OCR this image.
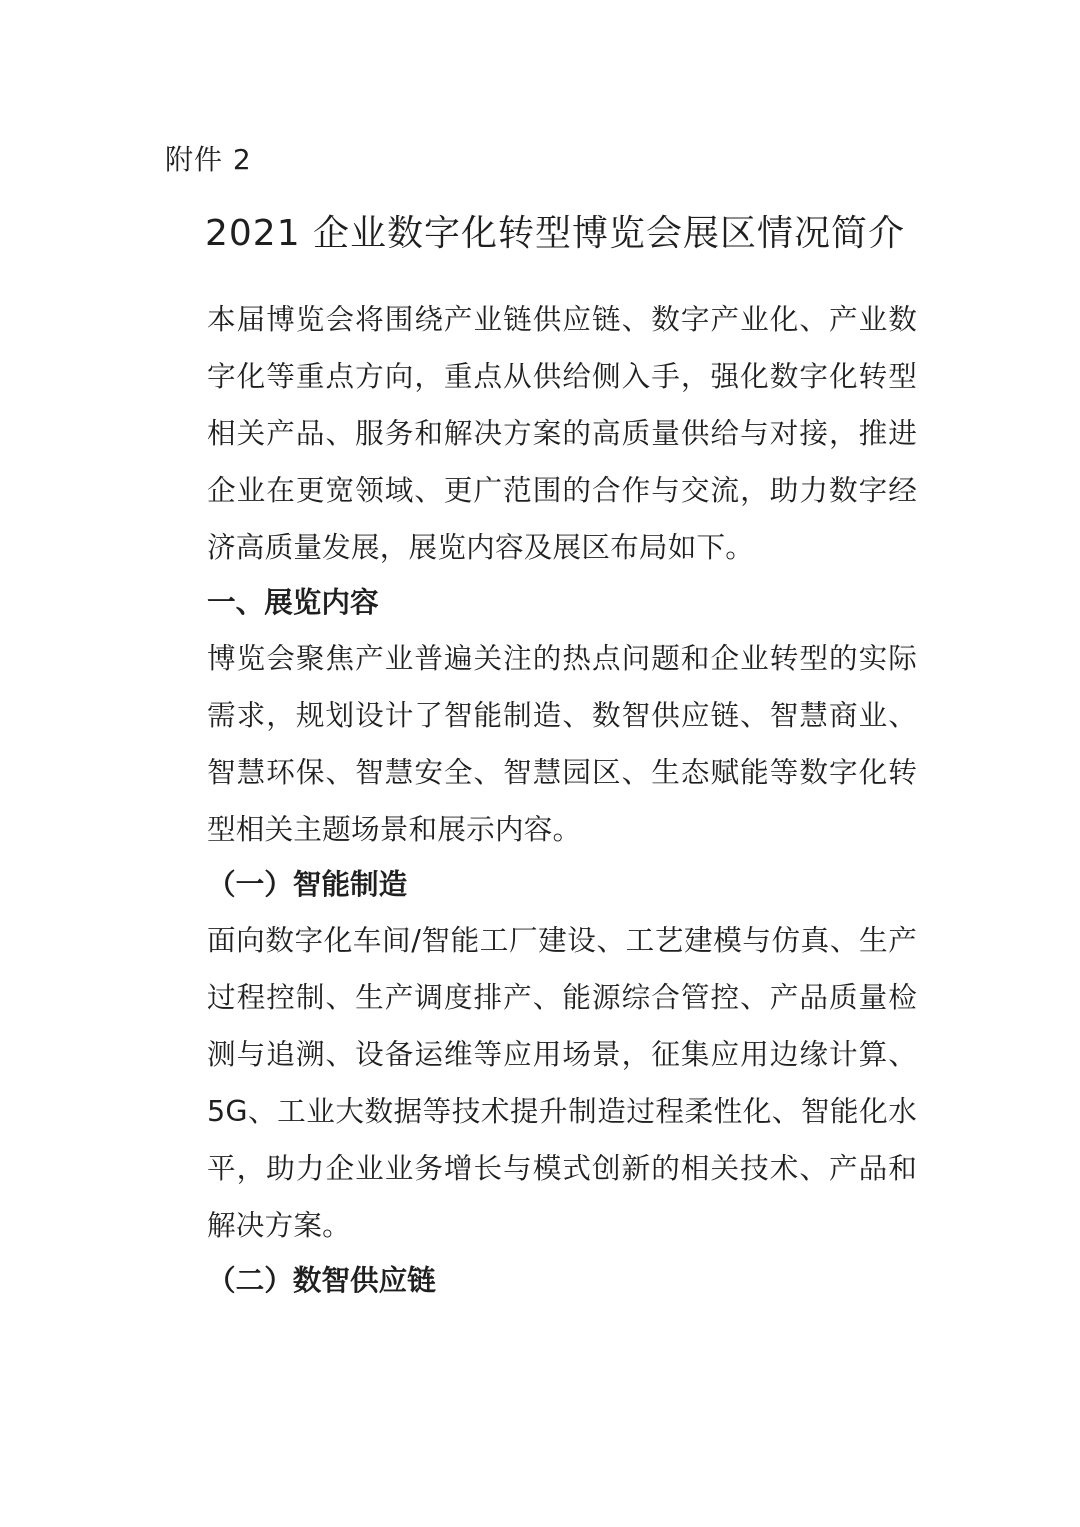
附件 2
2021 企业数字化转型博览会展区情况简介
本届博览会将围绕产业链供应链、数字产业化、产业数字化等重点方向，重点从供给侧入手，强化数字化转型相关产品、服务和解决方案的高质量供给与对接，推进企业在更宽领域、更广范围的合作与交流，助力数字经济高质量发展，展览内容及展区布局如下。
一、展览内容
博览会聚焦产业普遍关注的热点问题和企业转型的实际需求，规划设计了智能制造、数智供应链、智慧商业、智慧环保、智慧安全、智慧园区、生态赋能等数字化转型相关主题场景和展示内容。
（一）智能制造
面向数字化车间/智能工厂建设、工艺建模与仿真、生产过程控制、生产调度排产、能源综合管控、产品质量检测与追溯、设备运维等应用场景，征集应用边缘计算、5G、工业大数据等技术提升制造过程柔性化、智能化水平，助力企业业务增长与模式创新的相关技术、产品和解决方案。
（二）数智供应链
